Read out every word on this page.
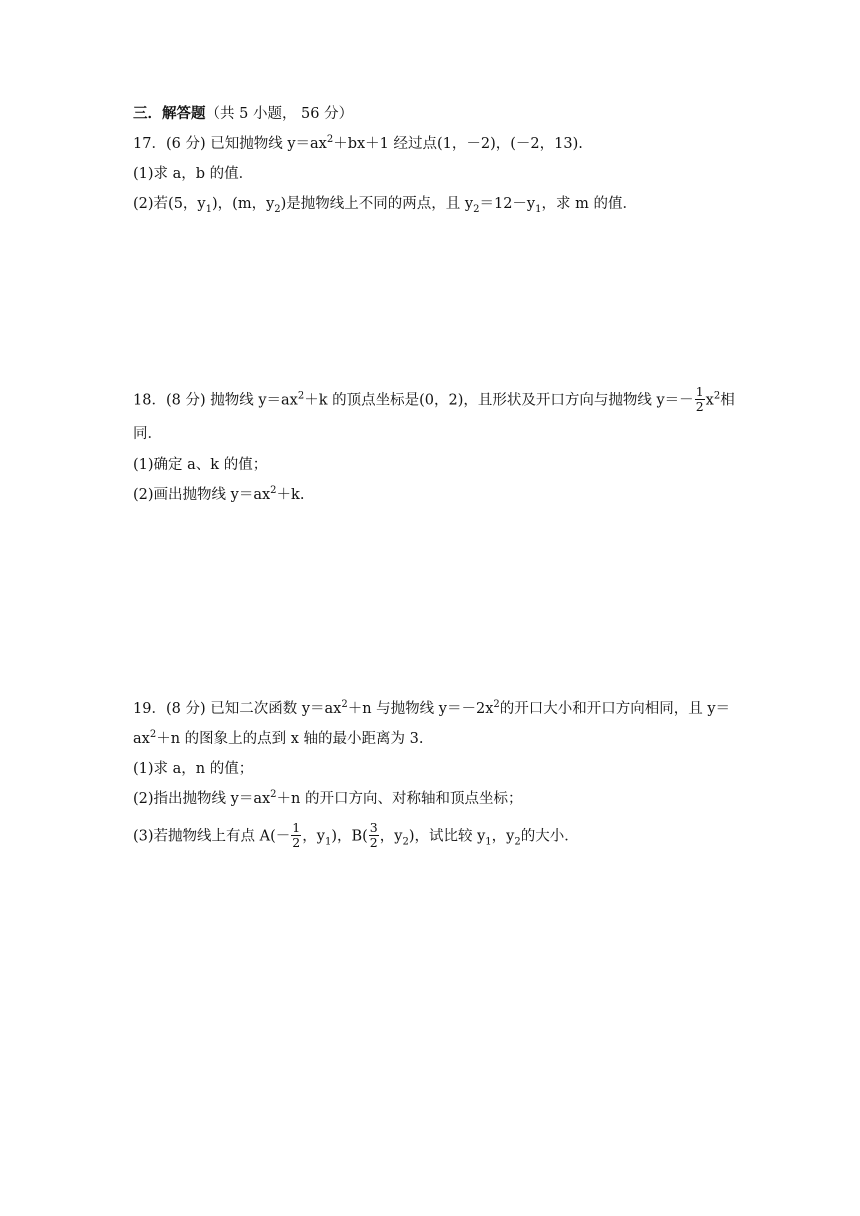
三．解答题（共 5 小题， 56 分）
17．(6 分) 已知抛物线 $y=ax^2+bx+1$ 经过点(1，－2)，(－2，13).
(1)求 a，b 的值．
(2)若(5，$y_1$)，(m，$y_2$)是抛物线上不同的两点，且 $y_2=12-y_1$，求 m 的值．
18．(8 分) 抛物线 $y=ax^2+k$ 的顶点坐标是(0，2)，且形状及开口方向与抛物线 $y=- \frac{1}{2} x^2$相
同．
(1)确定 a、k 的值；
(2)画出抛物线 $y=ax^2+k$.
19．(8 分) 已知二次函数 $y=ax^2+n$ 与抛物线 $y=-2x^2$的开口大小和开口方向相同，且 y＝
$ax^2+n$ 的图象上的点到 x 轴的最小距离为 3.
(1)求 a，n 的值；
(2)指出抛物线 $y=ax^2+n$ 的开口方向、对称轴和顶点坐标；
(3)若抛物线上有点 $A(- \frac{1}{2}$ ，$y_1$)，$B( \frac{3}{2}$ ，$y_2$)，试比较 $y_1$，$y_2$的大小．
